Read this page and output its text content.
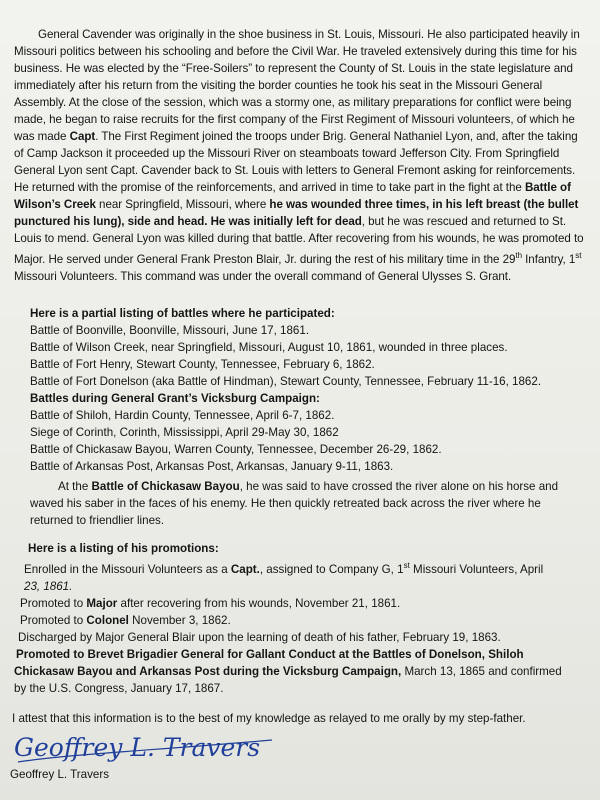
General Cavender was originally in the shoe business in St. Louis, Missouri. He also participated heavily in Missouri politics between his schooling and before the Civil War. He traveled extensively during this time for his business. He was elected by the “Free-Soilers” to represent the County of St. Louis in the state legislature and immediately after his return from the visiting the border counties he took his seat in the Missouri General Assembly. At the close of the session, which was a stormy one, as military preparations for conflict were being made, he began to raise recruits for the first company of the First Regiment of Missouri volunteers, of which he was made Capt. The First Regiment joined the troops under Brig. General Nathaniel Lyon, and, after the taking of Camp Jackson it proceeded up the Missouri River on steamboats toward Jefferson City. From Springfield General Lyon sent Capt. Cavender back to St. Louis with letters to General Fremont asking for reinforcements. He returned with the promise of the reinforcements, and arrived in time to take part in the fight at the Battle of Wilson’s Creek near Springfield, Missouri, where he was wounded three times, in his left breast (the bullet punctured his lung), side and head. He was initially left for dead, but he was rescued and returned to St. Louis to mend. General Lyon was killed during that battle. After recovering from his wounds, he was promoted to Major. He served under General Frank Preston Blair, Jr. during the rest of his military time in the 29th Infantry, 1st Missouri Volunteers. This command was under the overall command of General Ulysses S. Grant.
Here is a partial listing of battles where he participated:
Battle of Boonville, Boonville, Missouri, June 17, 1861.
Battle of Wilson Creek, near Springfield, Missouri, August 10, 1861, wounded in three places.
Battle of Fort Henry, Stewart County, Tennessee, February 6, 1862.
Battle of Fort Donelson (aka Battle of Hindman), Stewart County, Tennessee, February 11-16, 1862.
Battles during General Grant’s Vicksburg Campaign:
Battle of Shiloh, Hardin County, Tennessee, April 6-7, 1862.
Siege of Corinth, Corinth, Mississippi, April 29-May 30, 1862
Battle of Chickasaw Bayou, Warren County, Tennessee, December 26-29, 1862.
Battle of Arkansas Post, Arkansas Post, Arkansas, January 9-11, 1863.
At the Battle of Chickasaw Bayou, he was said to have crossed the river alone on his horse and waved his saber in the faces of his enemy. He then quickly retreated back across the river where he returned to friendlier lines.
Here is a listing of his promotions:
Enrolled in the Missouri Volunteers as a Capt., assigned to Company G, 1st Missouri Volunteers, April
23, 1861.
Promoted to Major after recovering from his wounds, November 21, 1861.
Promoted to Colonel November 3, 1862.
Discharged by Major General Blair upon the learning of death of his father, February 19, 1863.
Promoted to Brevet Brigadier General for Gallant Conduct at the Battles of Donelson, Shiloh
Chickasaw Bayou and Arkansas Post during the Vicksburg Campaign, March 13, 1865 and confirmed
by the U.S. Congress, January 17, 1867.
I attest that this information is to the best of my knowledge as relayed to me orally by my step-father.
Geoffrey L. Travers
Geoffrey L. Travers
